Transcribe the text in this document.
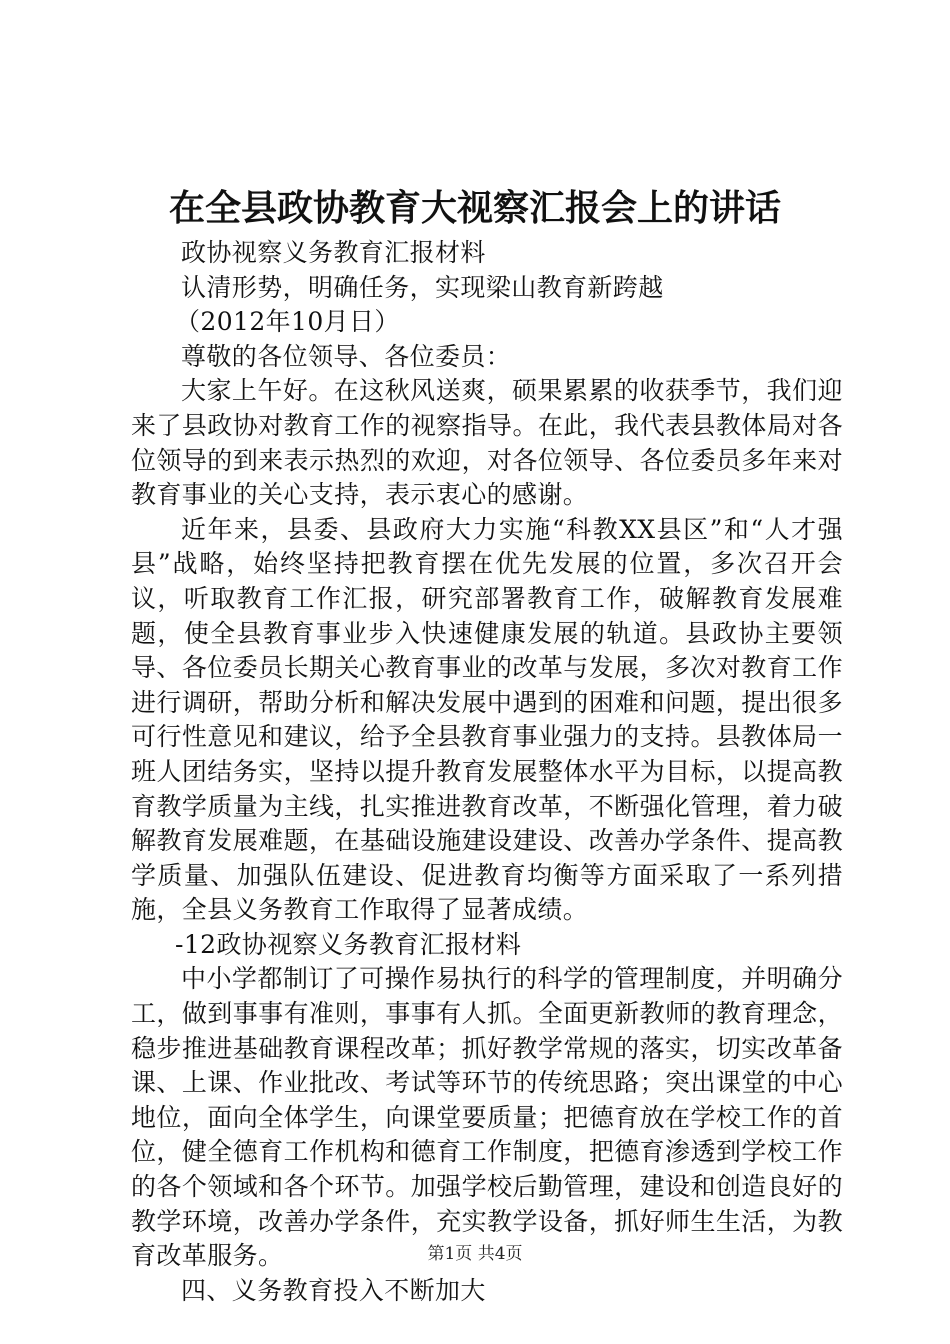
在全县政协教育大视察汇报会上的讲话

政协视察义务教育汇报材料

认清形势，明确任务，实现梁山教育新跨越

（2012年10月日）

尊敬的各位领导、各位委员：

大家上午好。在这秋风送爽，硕果累累的收获季节，我们迎来了县政协对教育工作的视察指导。在此，我代表县教体局对各位领导的到来表示热烈的欢迎，对各位领导、各位委员多年来对教育事业的关心支持，表示衷心的感谢。

近年来，县委、县政府大力实施“科教XX县区”和“人才强县”战略，始终坚持把教育摆在优先发展的位置，多次召开会议，听取教育工作汇报，研究部署教育工作，破解教育发展难题，使全县教育事业步入快速健康发展的轨道。县政协主要领导、各位委员长期关心教育事业的改革与发展，多次对教育工作进行调研，帮助分析和解决发展中遇到的困难和问题，提出很多可行性意见和建议，给予全县教育事业强力的支持。县教体局一班人团结务实，坚持以提升教育发展整体水平为目标，以提高教育教学质量为主线，扎实推进教育改革，不断强化管理，着力破解教育发展难题，在基础设施建设建设、改善办学条件、提高教学质量、加强队伍建设、促进教育均衡等方面采取了一系列措施，全县义务教育工作取得了显著成绩。

-12政协视察义务教育汇报材料

中小学都制订了可操作易执行的科学的管理制度，并明确分工，做到事事有准则，事事有人抓。全面更新教师的教育理念，稳步推进基础教育课程改革；抓好教学常规的落实，切实改革备课、上课、作业批改、考试等环节的传统思路；突出课堂的中心地位，面向全体学生，向课堂要质量；把德育放在学校工作的首位，健全德育工作机构和德育工作制度，把德育渗透到学校工作的各个领域和各个环节。加强学校后勤管理，建设和创造良好的教学环境，改善办学条件，充实教学设备，抓好师生生活，为教育改革服务。

四、义务教育投入不断加大

第1页 共4页
